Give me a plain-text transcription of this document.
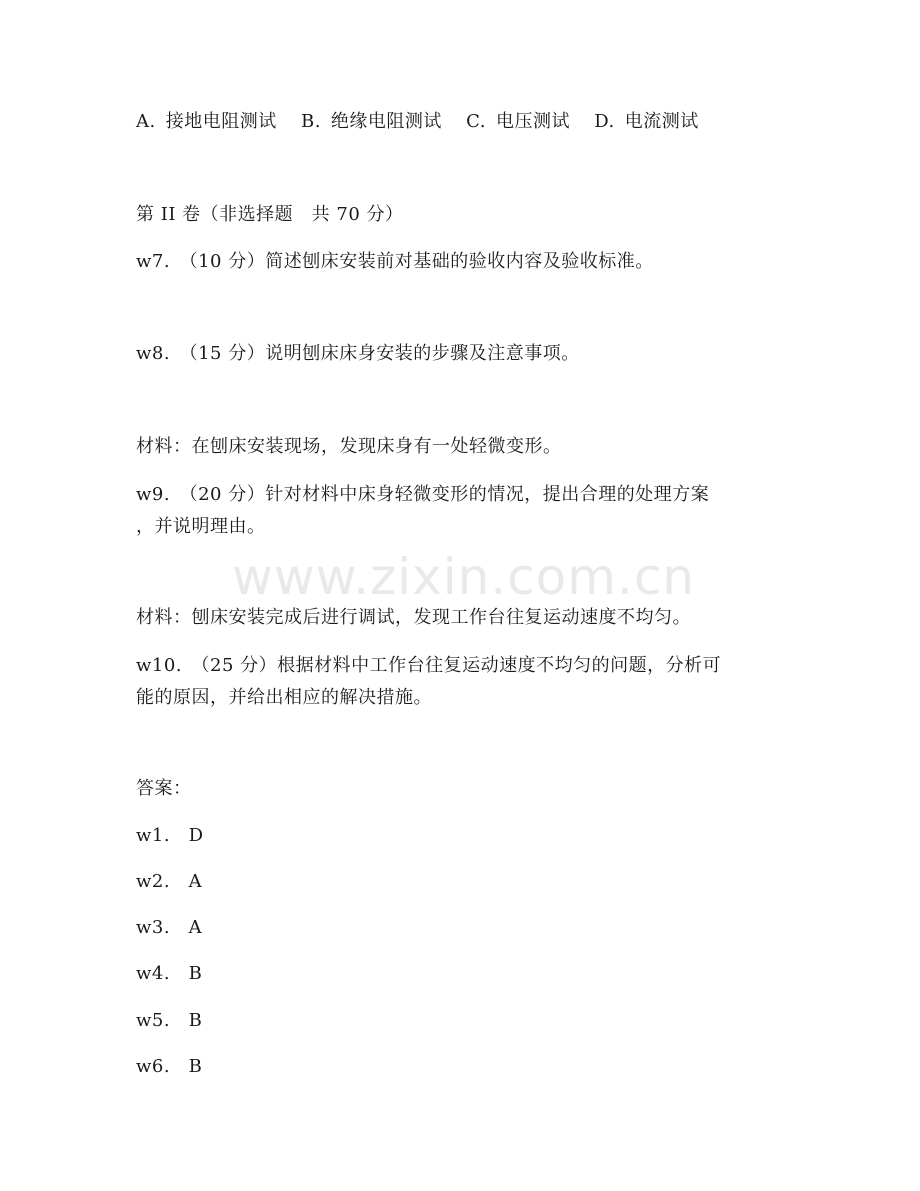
A. 接地电阻测试 B. 绝缘电阻测试 C. 电压测试 D. 电流测试
第 II 卷（非选择题　共 70 分）
w7.　（10 分）简述刨床安装前对基础的验收内容及验收标准。
w8.　（15 分）说明刨床床身安装的步骤及注意事项。
材料：在刨床安装现场，发现床身有一处轻微变形。
w9.　（20 分）针对材料中床身轻微变形的情况，提出合理的处理方案
，并说明理由。
www.zixin.com.cn
材料：刨床安装完成后进行调试，发现工作台往复运动速度不均匀。
w10.　（25 分）根据材料中工作台往复运动速度不均匀的问题，分析可
能的原因，并给出相应的解决措施。
答案：
w1.　D
w2.　A
w3.　A
w4.　B
w5.　B
w6.　B
